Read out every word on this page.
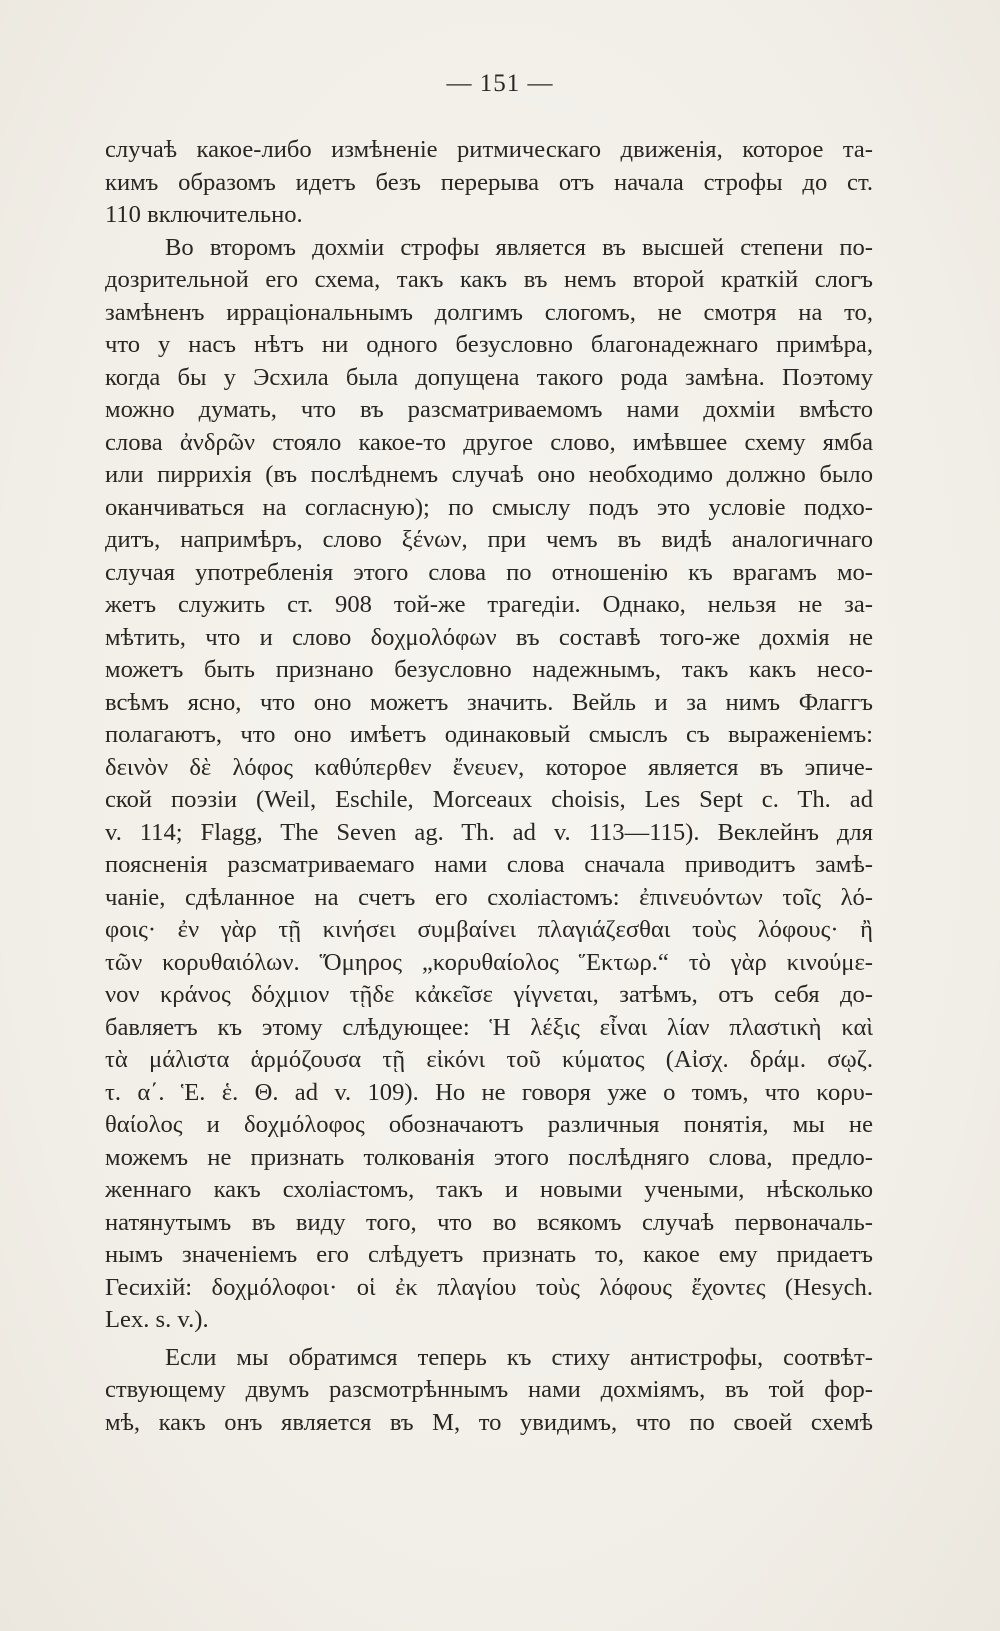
— 151 —
случаѣ какое-либо измѣненіе ритмическаго движенія, которое та-
кимъ образомъ идетъ безъ перерыва отъ начала строфы до ст.
110 включительно.
Во второмъ дохміи строфы является въ высшей степени по-
дозрительной его схема, такъ какъ въ немъ второй краткій слогъ
замѣненъ ирраціональнымъ долгимъ слогомъ, не смотря на то,
что у насъ нѣтъ ни одного безусловно благонадежнаго примѣра,
когда бы у Эсхила была допущена такого рода замѣна. Поэтому
можно думать, что въ разсматриваемомъ нами дохміи вмѣсто
слова ἀνδρῶν стояло какое-то другое слово, имѣвшее схему ямба
или пиррихія (въ послѣднемъ случаѣ оно необходимо должно было
оканчиваться на согласную); по смыслу подъ это условіе подхо-
дитъ, напримѣръ, слово ξένων, при чемъ въ видѣ аналогичнаго
случая употребленія этого слова по отношенію къ врагамъ мо-
жетъ служить ст. 908 той-же трагедіи. Однако, нельзя не за-
мѣтить, что и слово δοχμολόφων въ составѣ того-же дохмія не
можетъ быть признано безусловно надежнымъ, такъ какъ несо-
всѣмъ ясно, что оно можетъ значить. Вейль и за нимъ Флаггъ
полагаютъ, что оно имѣетъ одинаковый смыслъ съ выраженіемъ:
δεινὸν δὲ λόφος καθύπερθεν ἔνευεν, которое является въ эпиче-
ской поэзіи (Weil, Eschile, Morceaux choisis, Les Sept c. Th. ad
v. 114; Flagg, The Seven ag. Th. ad v. 113—115). Веклейнъ для
поясненія разсматриваемаго нами слова сначала приводитъ замѣ-
чаніе, сдѣланное на счетъ его схоліастомъ: ἐπινευόντων τοῖς λό-
φοις· ἐν γὰρ τῇ κινήσει συμβαίνει πλαγιάζεσθαι τοὺς λόφους· ἢ
τῶν κορυθαιόλων. Ὅμηρος „κορυθαίολος Ἕκτωρ.“ τὸ γὰρ κινούμε-
νον κράνος δόχμιον τῇδε κἀκεῖσε γίγνεται, затѣмъ, отъ себя до-
бавляетъ къ этому слѣдующее: Ἡ λέξις εἶναι λίαν πλαστικὴ καὶ
τὰ μάλιστα ἁρμόζουσα τῇ εἰκόνι τοῦ κύματος (Αἰσχ. δράμ. σῳζ.
τ. α΄. Ἑ. ἑ. Θ. ad v. 109). Но не говоря уже о томъ, что κορυ-
θαίολος и δοχμόλοφος обозначаютъ различныя понятія, мы не
можемъ не признать толкованія этого послѣдняго слова, предло-
женнаго какъ схоліастомъ, такъ и новыми учеными, нѣсколько
натянутымъ въ виду того, что во всякомъ случаѣ первоначаль-
нымъ значеніемъ его слѣдуетъ признать то, какое ему придаетъ
Гесихій: δοχμόλοφοι· οἱ ἐκ πλαγίου τοὺς λόφους ἔχοντες (Hesych.
Lex. s. v.).
Если мы обратимся теперь къ стиху антистрофы, соотвѣт-
ствующему двумъ разсмотрѣннымъ нами дохміямъ, въ той фор-
мѣ, какъ онъ является въ М, то увидимъ, что по своей схемѣ
